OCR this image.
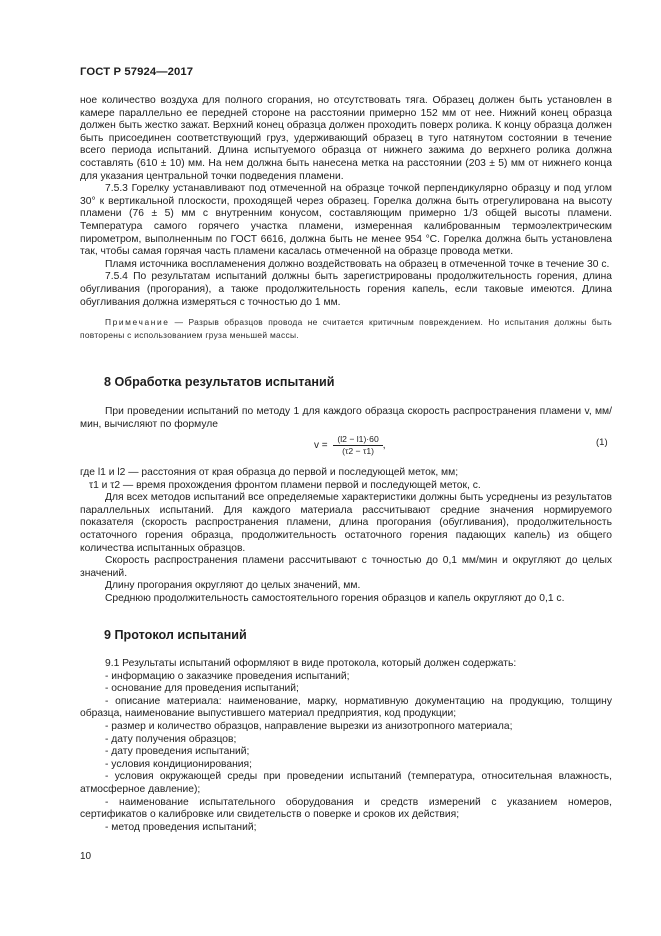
ГОСТ Р 57924—2017

ное количество воздуха для полного сгорания, но отсутствовать тяга. Образец должен быть установлен в камере параллельно ее передней стороне на расстоянии примерно 152 мм от нее. Нижний конец образца должен быть жестко зажат. Верхний конец образца должен проходить поверх ролика. К концу образца должен быть присоединен соответствующий груз, удерживающий образец в туго натянутом состоянии в течение всего периода испытаний. Длина испытуемого образца от нижнего зажима до верхнего ролика должна составлять (610 ± 10) мм. На нем должна быть нанесена метка на расстоянии (203 ± 5) мм от нижнего конца для указания центральной точки подведения пламени.

7.5.3 Горелку устанавливают под отмеченной на образце точкой перпендикулярно образцу и под углом 30° к вертикальной плоскости, проходящей через образец. Горелка должна быть отрегулирована на высоту пламени (76 ± 5) мм с внутренним конусом, составляющим примерно 1/3 общей высоты пламени. Температура самого горячего участка пламени, измеренная калиброванным термоэлектрическим пирометром, выполненным по ГОСТ 6616, должна быть не менее 954 °С. Горелка должна быть установлена так, чтобы самая горячая часть пламени касалась отмеченной на образце провода метки.

Пламя источника воспламенения должно воздействовать на образец в отмеченной точке в течение 30 с.

7.5.4 По результатам испытаний должны быть зарегистрированы продолжительность горения, длина обугливания (прогорания), а также продолжительность горения капель, если таковые имеются. Длина обугливания должна измеряться с точностью до 1 мм.

Примечание — Разрыв образцов провода не считается критичным повреждением. Но испытания должны быть повторены с использованием груза меньшей массы.

8 Обработка результатов испытаний

При проведении испытаний по методу 1 для каждого образца скорость распространения пламени v, мм/мин, вычисляют по формуле

$v = \frac{(l2 - l1)\cdot 60}{(\tau 2 - \tau 1)}$ ,	(1)

где l1 и l2 — расстояния от края образца до первой и последующей меток, мм;

τ1 и τ2 — время прохождения фронтом пламени первой и последующей меток, с.

Для всех методов испытаний все определяемые характеристики должны быть усреднены из результатов параллельных испытаний. Для каждого материала рассчитывают средние значения нормируемого показателя (скорость распространения пламени, длина прогорания (обугливания), продолжительность остаточного горения образца, продолжительность остаточного горения падающих капель) из общего количества испытанных образцов.

Скорость распространения пламени рассчитывают с точностью до 0,1 мм/мин и округляют до целых значений.

Длину прогорания округляют до целых значений, мм.

Среднюю продолжительность самостоятельного горения образцов и капель округляют до 0,1 с.

9 Протокол испытаний

9.1 Результаты испытаний оформляют в виде протокола, который должен содержать:

- информацию о заказчике проведения испытаний;

- основание для проведения испытаний;

- описание материала: наименование, марку, нормативную документацию на продукцию, толщину образца, наименование выпустившего материал предприятия, код продукции;

- размер и количество образцов, направление вырезки из анизотропного материала;

- дату получения образцов;

- дату проведения испытаний;

- условия кондиционирования;

- условия окружающей среды при проведении испытаний (температура, относительная влажность, атмосферное давление);

- наименование испытательного оборудования и средств измерений с указанием номеров, сертификатов о калибровке или свидетельств о поверке и сроков их действия;

- метод проведения испытаний;

10
